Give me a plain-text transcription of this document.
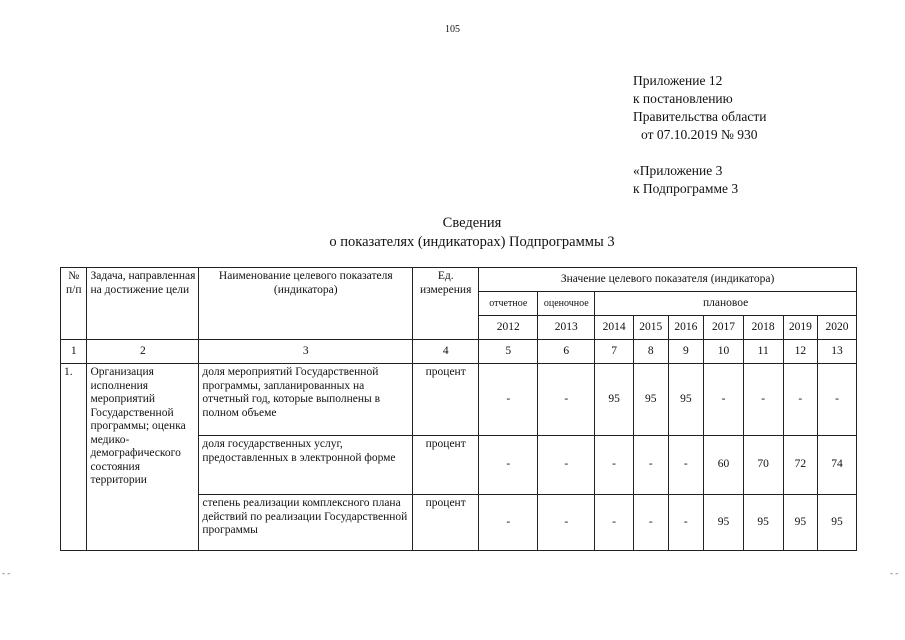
105
Приложение 12
к постановлению
Правительства области
от 07.10.2019 № 930
«Приложение 3
к Подпрограмме 3
Сведения
о показателях (индикаторах) Подпрограммы 3
№ п/п	Задача, направленная на достижение цели	Наименование целевого показателя (индикатора)	Ед. измерения	Значение целевого показателя (индикатора)								
				отчетное	оценочное	плановое						
				2012	2013	2014	2015	2016	2017	2018	2019	2020
1	2	3	4	5	6	7	8	9	10	11	12	13
1.	Организация исполнения мероприятий Государственной программы; оценка медико-демографического состояния территории	доля мероприятий Государственной программы, запланированных на отчетный год, которые выполнены в полном объеме	процент	-	-	95	95	95	-	-	-	-
		доля государственных услуг, предоставленных в электронной форме	процент	-	-	-	-	-	60	70	72	74
		степень реализации комплексного плана действий по реализации Государственной программы	процент	-	-	-	-	-	95	95	95	95
- -	- -
